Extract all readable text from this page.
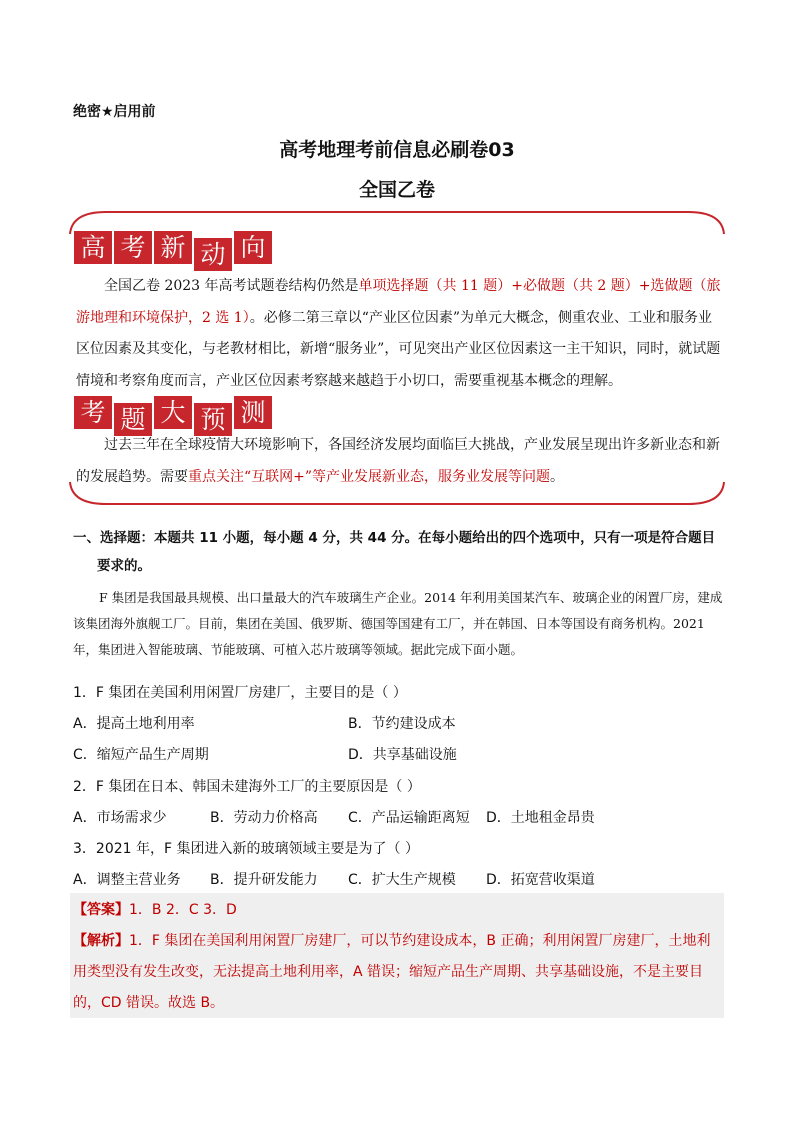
绝密★启用前
高考地理考前信息必刷卷03
全国乙卷
高 考 新 动 向
全国乙卷 2023 年高考试题卷结构仍然是单项选择题（共 11 题）+必做题（共 2 题）+选做题（旅游地理和环境保护，2 选 1）。必修二第三章以“产业区位因素”为单元大概念，侧重农业、工业和服务业区位因素及其变化，与老教材相比，新增“服务业”，可见突出产业区位因素这一主干知识，同时，就试题情境和考察角度而言，产业区位因素考察越来越趋于小切口，需要重视基本概念的理解。
考 题 大 预 测
过去三年在全球疫情大环境影响下，各国经济发展均面临巨大挑战，产业发展呈现出许多新业态和新的发展趋势。需要重点关注“互联网+”等产业发展新业态，服务业发展等问题。
一、选择题：本题共 11 小题，每小题 4 分，共 44 分。在每小题给出的四个选项中，只有一项是符合题目
要求的。
F 集团是我国最具规模、出口量最大的汽车玻璃生产企业。2014 年利用美国某汽车、玻璃企业的闲置厂房，建成该集团海外旗舰工厂。目前，集团在美国、俄罗斯、德国等国建有工厂，并在韩国、日本等国设有商务机构。2021 年，集团进入智能玻璃、节能玻璃、可植入芯片玻璃等领域。据此完成下面小题。
1．F 集团在美国利用闲置厂房建厂，主要目的是（ ）
A．提高土地利用率	B．节约建设成本
C．缩短产品生产周期	D．共享基础设施
2．F 集团在日本、韩国未建海外工厂的主要原因是（ ）
A．市场需求少	B．劳动力价格高 C．产品运输距离短 D．土地租金昂贵
3．2021 年，F 集团进入新的玻璃领域主要是为了（ ）
A．调整主营业务 B．提升研发能力 C．扩大生产规模 D．拓宽营收渠道
【答案】1．B 2．C 3．D
【解析】1．F 集团在美国利用闲置厂房建厂，可以节约建设成本，B 正确；利用闲置厂房建厂，土地利用类型没有发生改变，无法提高土地利用率，A 错误；缩短产品生产周期、共享基础设施，不是主要目的，CD 错误。故选 B。
